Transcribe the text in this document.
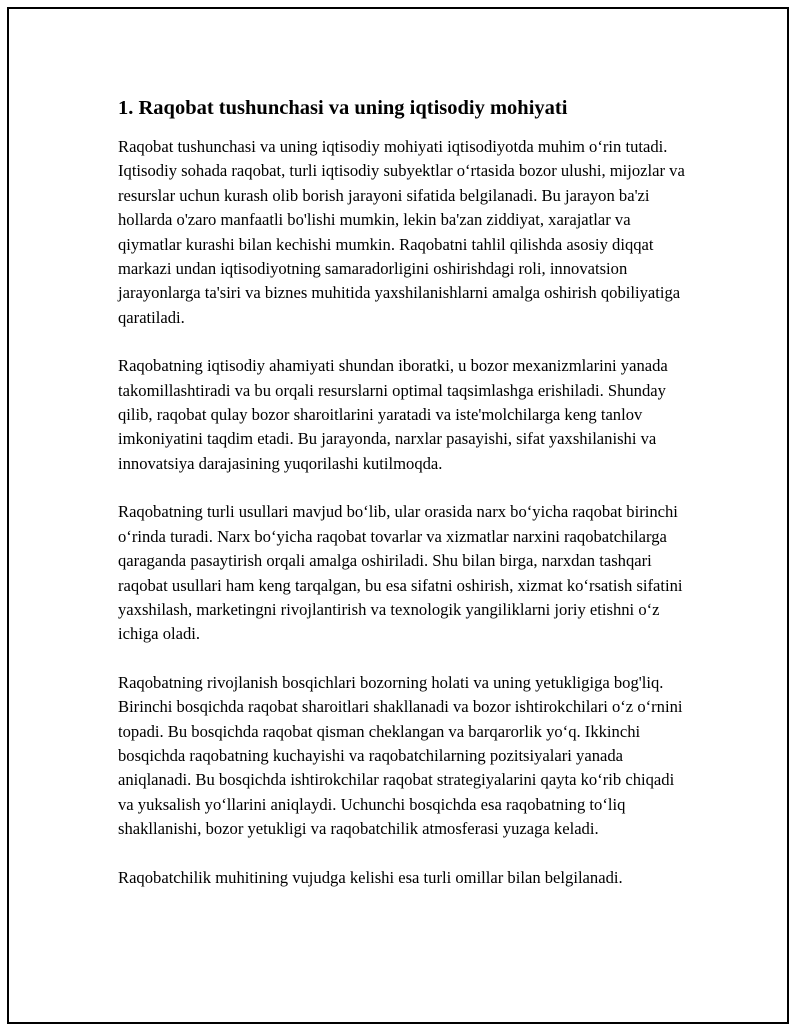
1. Raqobat tushunchasi va uning iqtisodiy mohiyati

Raqobat tushunchasi va uning iqtisodiy mohiyati iqtisodiyotda muhim o‘rin tutadi. Iqtisodiy sohada raqobat, turli iqtisodiy subyektlar o‘rtasida bozor ulushi, mijozlar va resurslar uchun kurash olib borish jarayoni sifatida belgilanadi. Bu jarayon ba'zi hollarda o'zaro manfaatli bo'lishi mumkin, lekin ba'zan ziddiyat, xarajatlar va qiymatlar kurashi bilan kechishi mumkin. Raqobatni tahlil qilishda asosiy diqqat markazi undan iqtisodiyotning samaradorligini oshirishdagi roli, innovatsion jarayonlarga ta'siri va biznes muhitida yaxshilanishlarni amalga oshirish qobiliyatiga qaratiladi.

Raqobatning iqtisodiy ahamiyati shundan iboratki, u bozor mexanizmlarini yanada takomillashtiradi va bu orqali resurslarni optimal taqsimlashga erishiladi. Shunday qilib, raqobat qulay bozor sharoitlarini yaratadi va iste'molchilarga keng tanlov imkoniyatini taqdim etadi. Bu jarayonda, narxlar pasayishi, sifat yaxshilanishi va innovatsiya darajasining yuqorilashi kutilmoqda.

Raqobatning turli usullari mavjud bo‘lib, ular orasida narx bo‘yicha raqobat birinchi o‘rinda turadi. Narx bo‘yicha raqobat tovarlar va xizmatlar narxini raqobatchilarga qaraganda pasaytirish orqali amalga oshiriladi. Shu bilan birga, narxdan tashqari raqobat usullari ham keng tarqalgan, bu esa sifatni oshirish, xizmat ko‘rsatish sifatini yaxshilash, marketingni rivojlantirish va texnologik yangiliklarni joriy etishni o‘z ichiga oladi.

Raqobatning rivojlanish bosqichlari bozorning holati va uning yetukligiga bog'liq. Birinchi bosqichda raqobat sharoitlari shakllanadi va bozor ishtirokchilari o‘z o‘rnini topadi. Bu bosqichda raqobat qisman cheklangan va barqarorlik yo‘q. Ikkinchi bosqichda raqobatning kuchayishi va raqobatchilarning pozitsiyalari yanada aniqlanadi. Bu bosqichda ishtirokchilar raqobat strategiyalarini qayta ko‘rib chiqadi va yuksalish yo‘llarini aniqlaydi. Uchunchi bosqichda esa raqobatning to‘liq shakllanishi, bozor yetukligi va raqobatchilik atmosferasi yuzaga keladi.

Raqobatchilik muhitining vujudga kelishi esa turli omillar bilan belgilanadi.
